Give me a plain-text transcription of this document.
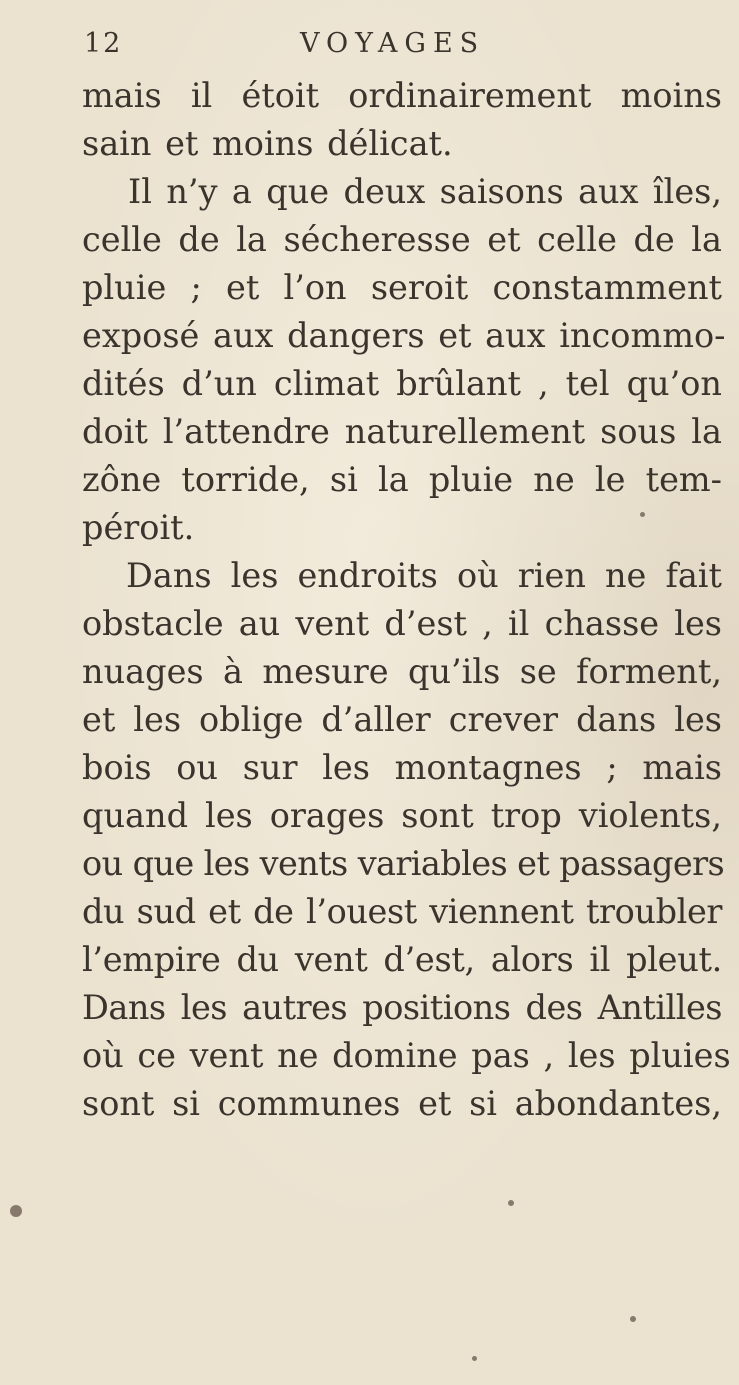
12	VOYAGES
mais il étoit ordinairement moins
sain et moins délicat.
Il n’y a que deux saisons aux îles,
celle de la sécheresse et celle de la
pluie ; et l’on seroit constamment
exposé aux dangers et aux incommo-
dités d’un climat brûlant , tel qu’on
doit l’attendre naturellement sous la
zône torride, si la pluie ne le tem-
péroit.
Dans les endroits où rien ne fait
obstacle au vent d’est , il chasse les
nuages à mesure qu’ils se forment,
et les oblige d’aller crever dans les
bois ou sur les montagnes ; mais
quand les orages sont trop violents,
ou que les vents variables et passagers
du sud et de l’ouest viennent troubler
l’empire du vent d’est, alors il pleut.
Dans les autres positions des Antilles
où ce vent ne domine pas , les pluies
sont si communes et si abondantes,
